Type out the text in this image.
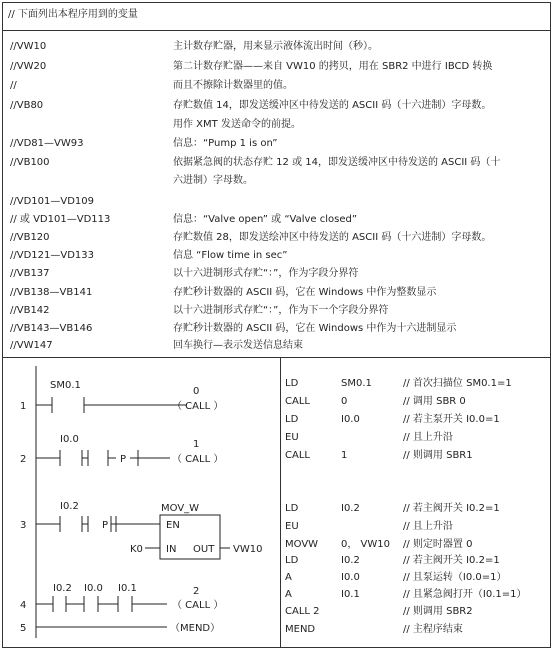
// 下面列出本程序用到的变量
//VW10	主计数存贮器，用来显示液体流出时间（秒）。
//VW20	第二计数存贮器——来自 VW10 的拷贝，用在 SBR2 中进行 IBCD 转换
//	而且不擦除计数器里的值。
//VB80	存贮数值 14，即发送缓冲区中待发送的 ASCII 码（十六进制）字母数。
用作 XMT 发送命令的前提。
//VD81—VW93	信息：“Pump 1 is on”
//VB100	依据紧急阀的状态存贮 12 或 14，即发送缓冲区中待发送的 ASCII 码（十
六进制）字母数。
//VD101—VD109
// 或 VD101—VD113	信息：“Valve open” 或 “Valve closed”
//VB120	存贮数值 28，即发送绘冲区中待发送的 ASCII 码（十六进制）字母数。
//VD121—VD133	信息 “Flow time in sec”
//VB137	以十六进制形式存贮“：”，作为字段分界符
//VB138—VB141	存贮秒计数器的 ASCII 码，它在 Windows 中作为整数显示
//VB142	以十六进制形式存贮“：”，作为下一个字段分界符
//VB143—VB146	存贮秒计数器的 ASCII 码，它在 Windows 中作为十六进制显示
//VW147	回车换行—表示发送信息结束
1
2
3
4
5
SM0.1
0
（ CALL ）
I0.0
P
1
（ CALL ）
I0.2
P
MOV_W
EN
K0 IN OUT VW10
I0.2 I0.0 I0.1	2
（ CALL ）
（MEND）
LD	SM0.1	// 首次扫描位 SM0.1=1
CALL	0	// 调用 SBR 0
LD	I0.0	// 若主泵开关 I0.0=1
EU	// 且上升沿
CALL	1	// 则调用 SBR1
LD	I0.2	// 若主阀开关 I0.2=1
EU	// 且上升沿
MOVW 0， VW10 // 则定时器置 0
LD	I0.2	// 若主阀开关 I0.2=1
A	I0.0	// 且泵运转（I0.0=1）
A	I0.1	// 且紧急阀打开（I0.1=1）
CALL 2	// 则调用 SBR2
MEND	// 主程序结束
